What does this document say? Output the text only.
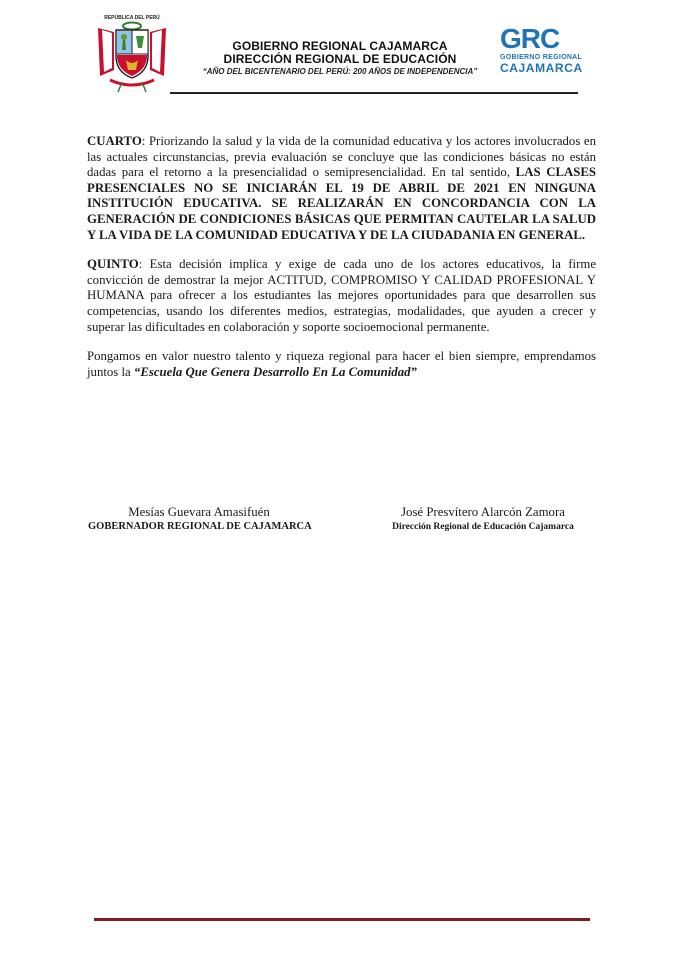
REPÚBLICA DEL PERÚ
GOBIERNO REGIONAL CAJAMARCA
DIRECCIÓN REGIONAL DE EDUCACIÓN
“AÑO DEL BICENTENARIO DEL PERÚ: 200 AÑOS DE INDEPENDENCIA”
GRC
GOBIERNO REGIONAL
CAJAMARCA

CUARTO: Priorizando la salud y la vida de la comunidad educativa y los actores involucrados en las actuales circunstancias, previa evaluación se concluye que las condiciones básicas no están dadas para el retorno a la presencialidad o semipresencialidad. En tal sentido, LAS CLASES PRESENCIALES NO SE INICIARÁN EL 19 DE ABRIL DE 2021 EN NINGUNA INSTITUCIÓN EDUCATIVA. SE REALIZARÁN EN CONCORDANCIA CON LA GENERACIÓN DE CONDICIONES BÁSICAS QUE PERMITAN CAUTELAR LA SALUD Y LA VIDA DE LA COMUNIDAD EDUCATIVA Y DE LA CIUDADANIA EN GENERAL.

QUINTO: Esta decisión implica y exige de cada uno de los actores educativos, la firme convicción de demostrar la mejor ACTITUD, COMPROMISO Y CALIDAD PROFESIONAL Y HUMANA para ofrecer a los estudiantes las mejores oportunidades para que desarrollen sus competencias, usando los diferentes medios, estrategias, modalidades, que ayuden a crecer y superar las dificultades en colaboración y soporte socioemocional permanente.

Pongamos en valor nuestro talento y riqueza regional para hacer el bien siempre, emprendamos juntos la “Escuela Que Genera Desarrollo En La Comunidad”

Mesías Guevara Amasifuén
GOBERNADOR REGIONAL DE CAJAMARCA
José Presvítero Alarcón Zamora
Dirección Regional de Educación Cajamarca
